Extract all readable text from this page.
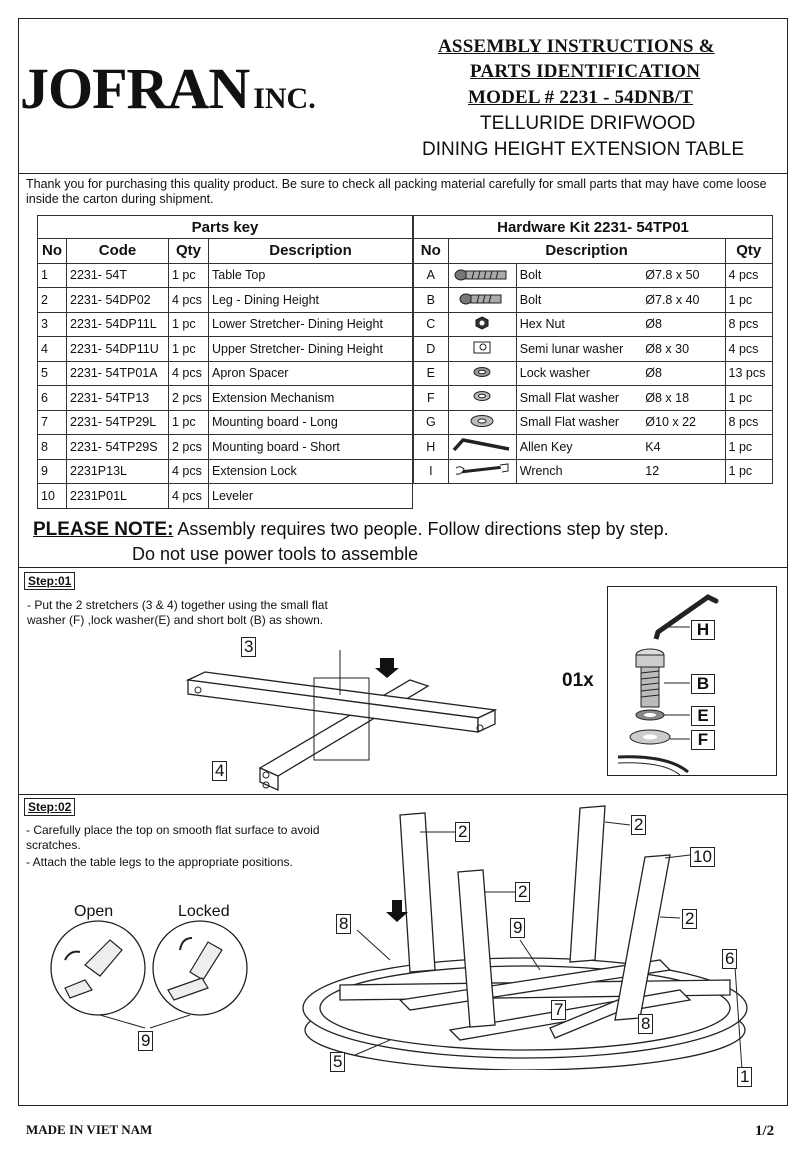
JOFRAN INC.
ASSEMBLY INSTRUCTIONS &
PARTS IDENTIFICATION
MODEL # 2231 - 54DNB/T
TELLURIDE DRIFWOOD
DINING HEIGHT EXTENSION TABLE
Thank you for purchasing this quality product. Be sure to check all packing material carefully for small parts that may have come loose inside the carton during shipment.
Parts key			
No	Code	Qty	Description
1	2231- 54T	1 pc	Table Top
2	2231- 54DP02	4 pcs	Leg - Dining Height
3	2231- 54DP11L	1 pc	Lower Stretcher- Dining Height
4	2231- 54DP11U	1 pc	Upper Stretcher- Dining Height
5	2231- 54TP01A	4 pcs	Apron Spacer
6	2231- 54TP13	2 pcs	Extension Mechanism
7	2231- 54TP29L	1 pc	Mounting board - Long
8	2231- 54TP29S	2 pcs	Mounting board - Short
9	2231P13L	4 pcs	Extension Lock
10	2231P01L	4 pcs	Leveler
Hardware Kit 2231- 54TP01				
No	Description			Qty
A		Bolt	Ø7.8 x 50	4 pcs
B		Bolt	Ø7.8 x 40	1 pc
C		Hex Nut	Ø8	8 pcs
D		Semi lunar washer	Ø8 x 30	4 pcs
E		Lock washer	Ø8	13 pcs
F		Small Flat washer	Ø8 x 18	1 pc
G		Small Flat washer	Ø10 x 22	8 pcs
H		Allen Key	K4	1 pc
I		Wrench	12	1 pc
PLEASE NOTE: Assembly requires two people. Follow directions step by step.
Do not use power tools to assemble
Step:01
- Put the 2 stretchers (3 & 4) together using the small flat
washer (F) ,lock washer(E) and short bolt (B) as shown.
3
4
01x
H
B
E
F
Step:02
- Carefully place the top on smooth flat surface to avoid
scratches.
- Attach the table legs to the appropriate positions.
Open	Locked
9
2	2
10
2
2
8	9
6
7
8
5
1
MADE IN VIET NAM	1/2
